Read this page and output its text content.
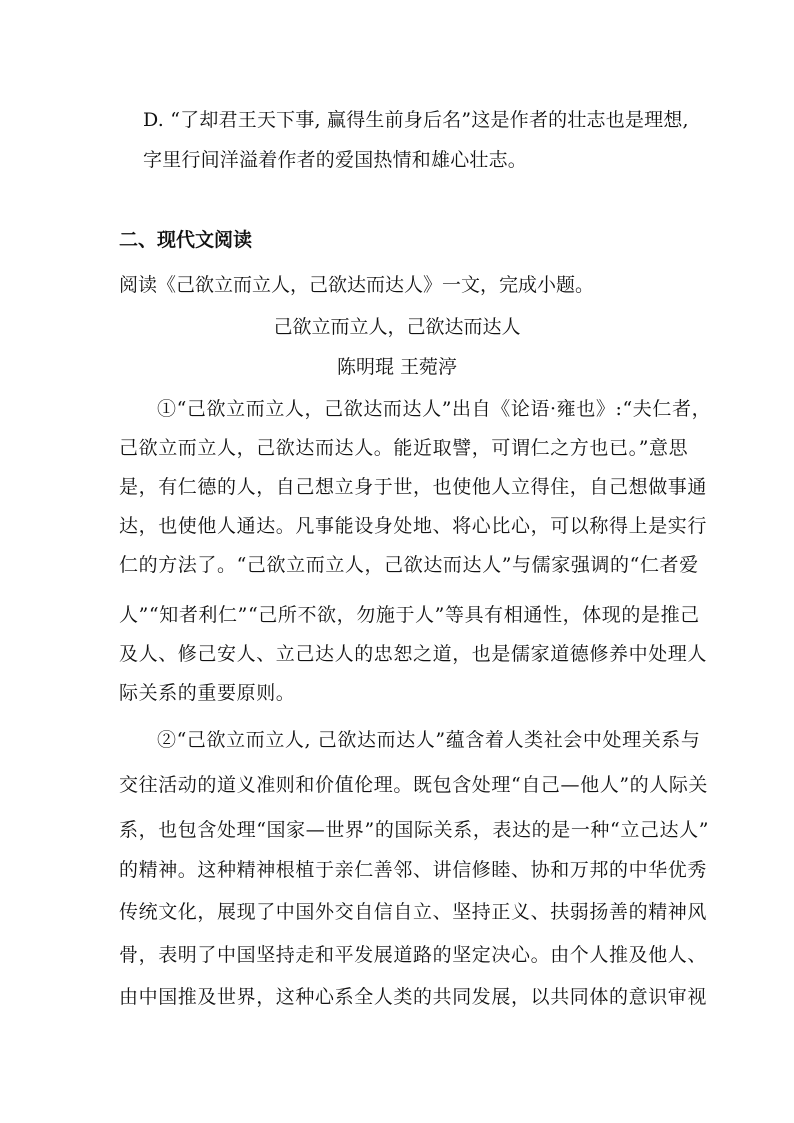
D. “了却君王天下事, 赢得生前身后名”这是作者的壮志也是理想,
字里行间洋溢着作者的爱国热情和雄心壮志。
二、现代文阅读
阅读《己欲立而立人，己欲达而达人》一文，完成小题。
己欲立而立人，己欲达而达人
陈明琨 王菀渟
①“己欲立而立人，己欲达而达人”出自《论语·雍也》:“夫仁者，
己欲立而立人，己欲达而达人。能近取譬，可谓仁之方也已。”意思
是，有仁德的人，自己想立身于世，也使他人立得住，自己想做事通
达，也使他人通达。凡事能设身处地、将心比心，可以称得上是实行
仁的方法了。“己欲立而立人，己欲达而达人”与儒家强调的“仁者爱
人”“知者利仁”“己所不欲，勿施于人”等具有相通性，体现的是推己
及人、修己安人、立己达人的忠恕之道，也是儒家道德修养中处理人
际关系的重要原则。
②“己欲立而立人, 己欲达而达人”蕴含着人类社会中处理关系与
交往活动的道义准则和价值伦理。既包含处理“自己—他人”的人际关
系，也包含处理“国家—世界”的国际关系，表达的是一种“立己达人”
的精神。这种精神根植于亲仁善邻、讲信修睦、协和万邦的中华优秀
传统文化，展现了中国外交自信自立、坚持正义、扶弱扬善的精神风
骨，表明了中国坚持走和平发展道路的坚定决心。由个人推及他人、
由中国推及世界，这种心系全人类的共同发展，以共同体的意识审视
